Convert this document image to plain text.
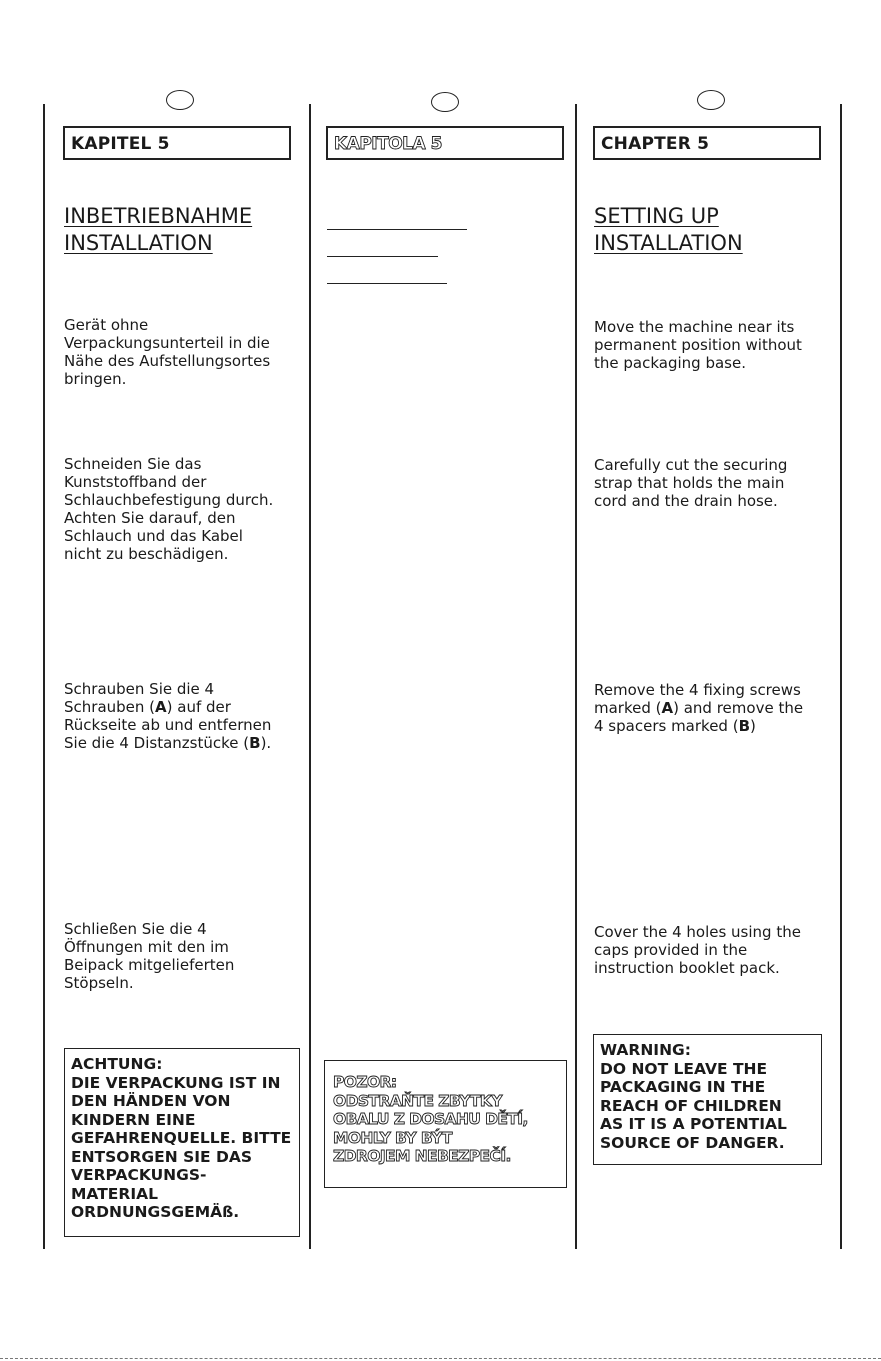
KAPITEL 5
INBETRIEBNAHME
INSTALLATION
Gerät ohne
Verpackungsunterteil in die
Nähe des Aufstellungsortes
bringen.
Schneiden Sie das
Kunststoffband der
Schlauchbefestigung durch.
Achten Sie darauf, den
Schlauch und das Kabel
nicht zu beschädigen.
Schrauben Sie die 4
Schrauben (A) auf der
Rückseite ab und entfernen
Sie die 4 Distanzstücke (B).
Schließen Sie die 4
Öffnungen mit den im
Beipack mitgelieferten
Stöpseln.
ACHTUNG:
DIE VERPACKUNG IST IN
DEN HÄNDEN VON
KINDERN EINE
GEFAHRENQUELLE. BITTE
ENTSORGEN SIE DAS
VERPACKUNGS-
MATERIAL
ORDNUNGSGEMÄß.
KAPITOLA 5
POZOR:
ODSTRAŇTE ZBYTKY
OBALU Z DOSAHU DĚTÍ,
MOHLY BY BÝT
ZDROJEM NEBEZPEČÍ.
CHAPTER 5
SETTING UP
INSTALLATION
Move the machine near its
permanent position without
the packaging base.
Carefully cut the securing
strap that holds the main
cord and the drain hose.
Remove the 4 fixing screws
marked (A) and remove the
4 spacers marked (B)
Cover the 4 holes using the
caps provided in the
instruction booklet pack.
WARNING:
DO NOT LEAVE THE
PACKAGING IN THE
REACH OF CHILDREN
AS IT IS A POTENTIAL
SOURCE OF DANGER.
